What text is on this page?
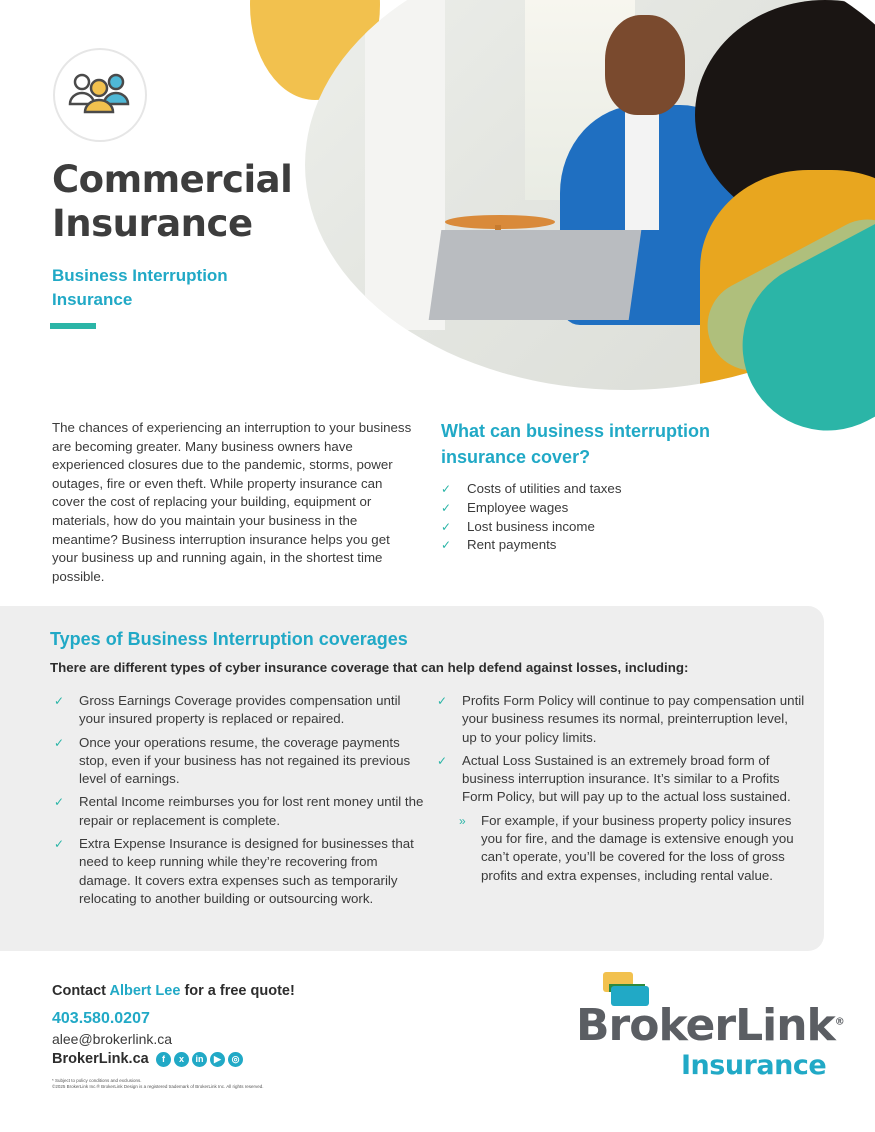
Commercial
Insurance
Business Interruption
Insurance
The chances of experiencing an interruption to your business are becoming greater. Many business owners have experienced closures due to the pandemic, storms, power outages, fire or even theft. While property insurance can cover the cost of replacing your building, equipment or materials, how do you maintain your business in the meantime? Business interruption insurance helps you get your business up and running again, in the shortest time possible.
What can business interruption insurance cover?
✓ Costs of utilities and taxes
✓ Employee wages
✓ Lost business income
✓ Rent payments
Types of Business Interruption coverages
There are different types of cyber insurance coverage that can help defend against losses, including:
✓ Gross Earnings Coverage provides compensation until your insured property is replaced or repaired.
✓ Once your operations resume, the coverage payments stop, even if your business has not regained its previous level of earnings.
✓ Rental Income reimburses you for lost rent money until the repair or replacement is complete.
✓ Extra Expense Insurance is designed for businesses that need to keep running while they’re recovering from damage. It covers extra expenses such as temporarily relocating to another building or outsourcing work.
✓ Profits Form Policy will continue to pay compensation until your business resumes its normal, preinterruption level, up to your policy limits.
✓ Actual Loss Sustained is an extremely broad form of business interruption insurance. It’s similar to a Profits Form Policy, but will pay up to the actual loss sustained.
» For example, if your business property policy insures you for fire, and the damage is extensive enough you can’t operate, you’ll be covered for the loss of gross profits and extra expenses, including rental value.
Contact Albert Lee for a free quote!
403.580.0207
alee@brokerlink.ca
BrokerLink.ca	f	x	in	▶	◎
* Subject to policy conditions and exclusions.
©2025 BrokerLink Inc.® BrokerLink Design is a registered trademark of BrokerLink Inc. All rights reserved.
BrokerLink®
Insurance
